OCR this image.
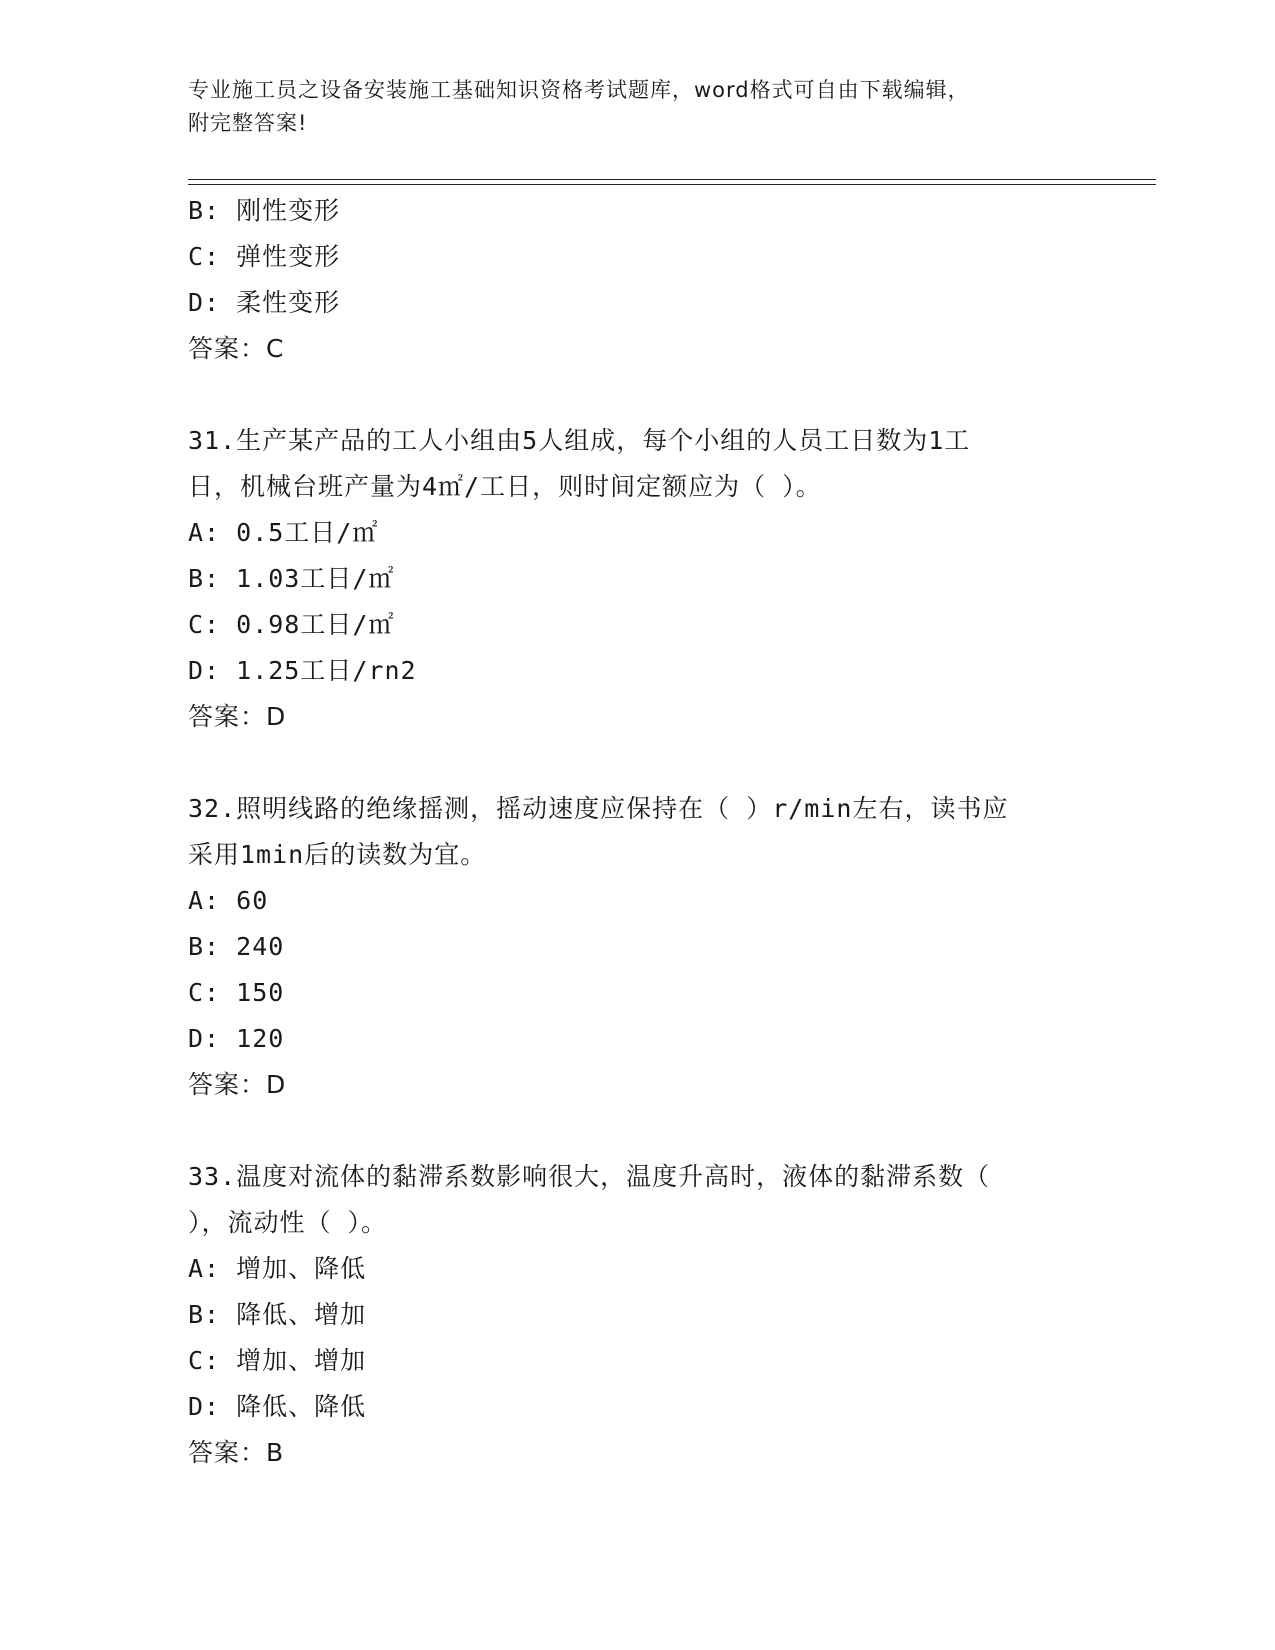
专业施工员之设备安装施工基础知识资格考试题库，word格式可自由下载编辑，
附完整答案!
B: 刚性变形
C: 弹性变形
D: 柔性变形
答案：C
31.生产某产品的工人小组由5人组成，每个小组的人员工日数为1工
日，机械台班产量为4㎡/工日，则时间定额应为（ ）。
A: 0.5工日/㎡
B: 1.03工日/㎡
C: 0.98工日/㎡
D: 1.25工日/rn2
答案：D
32.照明线路的绝缘摇测，摇动速度应保持在（ ）r/min左右，读书应
采用1min后的读数为宜。
A: 60
B: 240
C: 150
D: 120
答案：D
33.温度对流体的黏滞系数影响很大，温度升高时，液体的黏滞系数（
），流动性（ ）。
A: 增加、降低
B: 降低、增加
C: 增加、增加
D: 降低、降低
答案：B
